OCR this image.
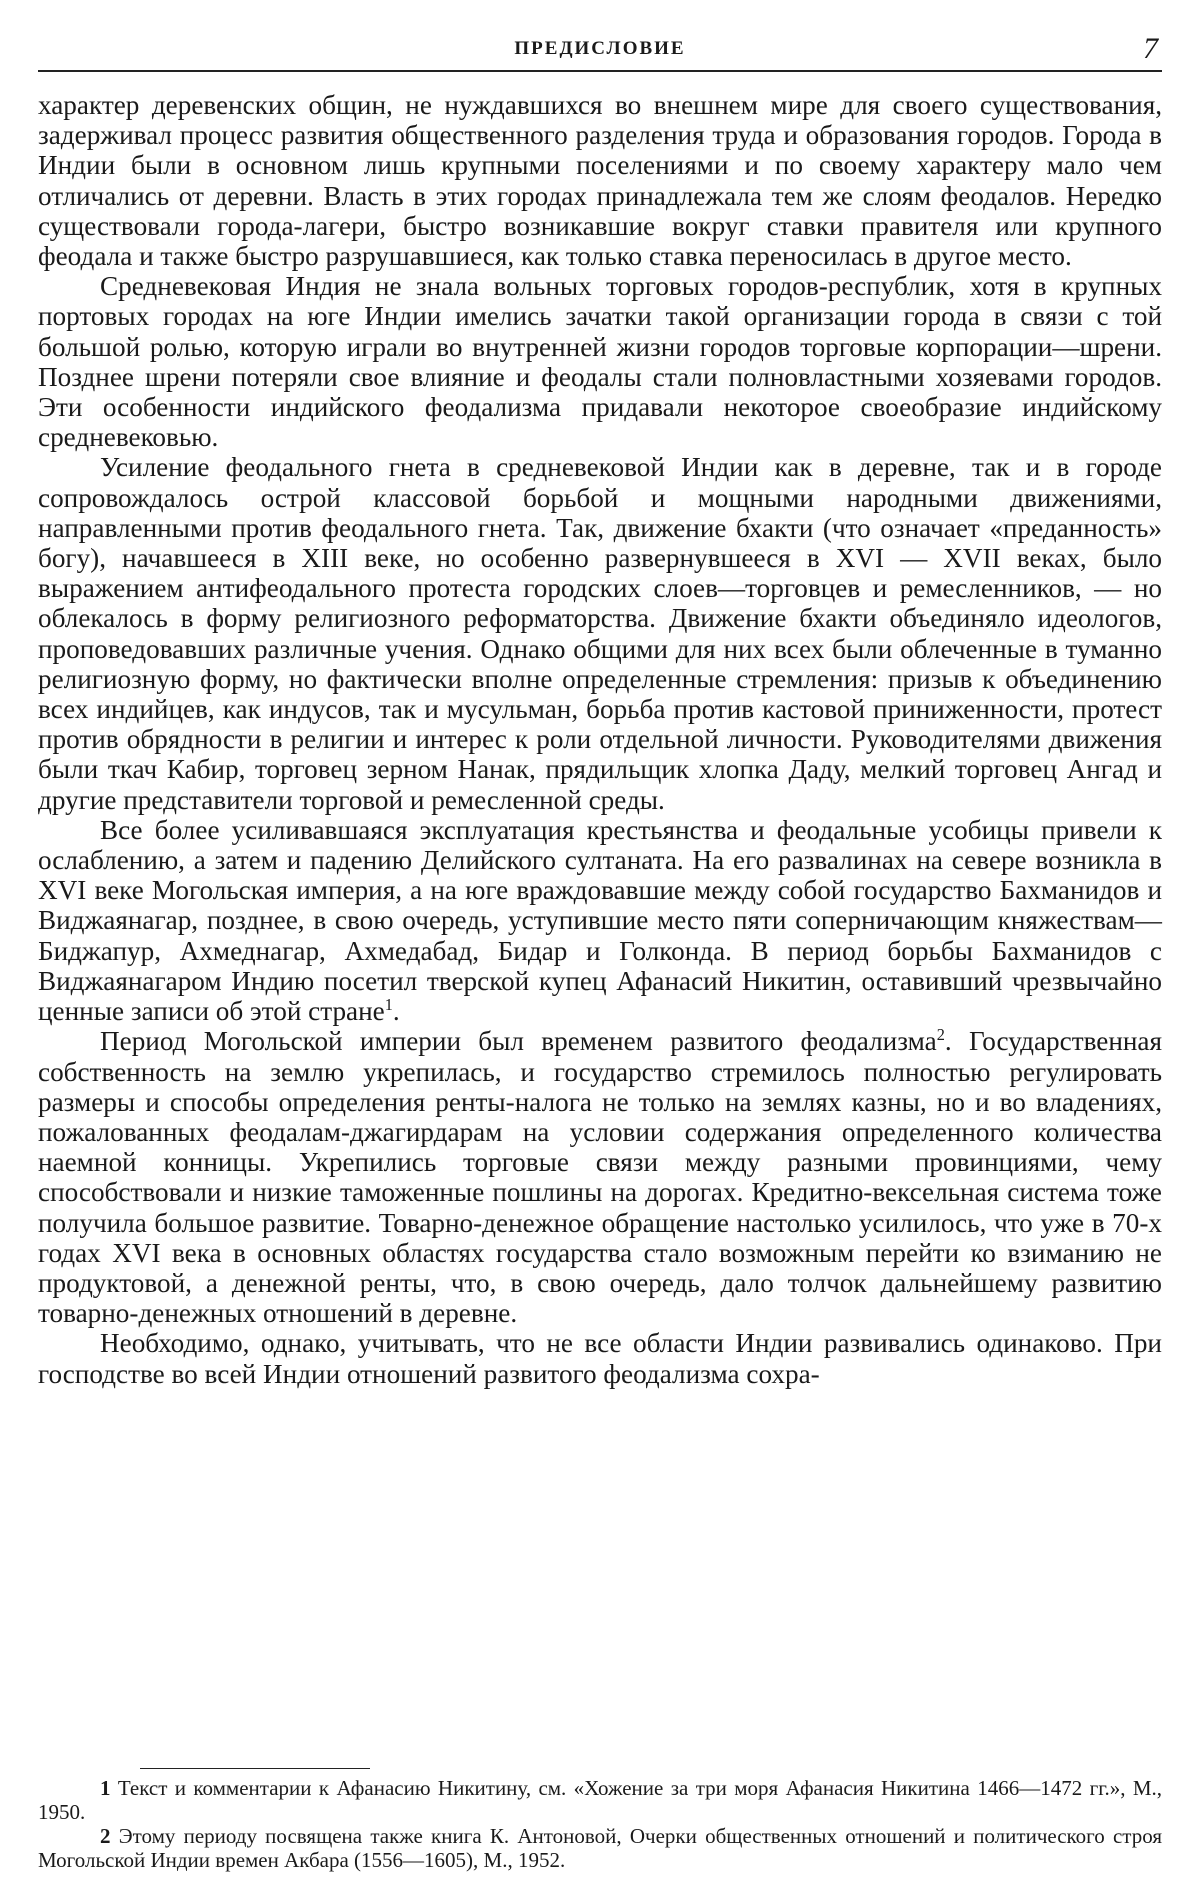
ПРЕДИСЛОВИЕ	7

характер деревенских общин, не нуждавшихся во внешнем мире для своего существования, задерживал процесс развития общественного разделения труда и образования городов. Города в Индии были в основном лишь крупными поселениями и по своему характеру мало чем отличались от деревни. Власть в этих городах принадлежала тем же слоям феодалов. Нередко существовали города-лагери, быстро возникавшие вокруг ставки правителя или крупного феодала и также быстро разрушавшиеся, как только ставка переносилась в другое место.

Средневековая Индия не знала вольных торговых городов-республик, хотя в крупных портовых городах на юге Индии имелись зачатки такой организации города в связи с той большой ролью, которую играли во внутренней жизни городов торговые корпорации—шрени. Позднее шрени потеряли свое влияние и феодалы стали полновластными хозяевами городов. Эти особенности индийского феодализма придавали некоторое своеобразие индийскому средневековью.

Усиление феодального гнета в средневековой Индии как в деревне, так и в городе сопровождалось острой классовой борьбой и мощными народными движениями, направленными против феодального гнета. Так, движение бхакти (что означает «преданность» богу), начавшееся в XIII веке, но особенно развернувшееся в XVI — XVII веках, было выражением антифеодального протеста городских слоев—торговцев и ремесленников, — но облекалось в форму религиозного реформаторства. Движение бхакти объединяло идеологов, проповедовавших различные учения. Однако общими для них всех были облеченные в туманно религиозную форму, но фактически вполне определенные стремления: призыв к объединению всех индийцев, как индусов, так и мусульман, борьба против кастовой приниженности, протест против обрядности в религии и интерес к роли отдельной личности. Руководителями движения были ткач Кабир, торговец зерном Нанак, прядильщик хлопка Даду, мелкий торговец Ангад и другие представители торговой и ремесленной среды.

Все более усиливавшаяся эксплуатация крестьянства и феодальные усобицы привели к ослаблению, а затем и падению Делийского султаната. На его развалинах на севере возникла в XVI веке Могольская империя, а на юге враждовавшие между собой государство Бахманидов и Виджаянагар, позднее, в свою очередь, уступившие место пяти соперничающим княжествам—Биджапур, Ахмеднагар, Ахмедабад, Бидар и Голконда. В период борьбы Бахманидов с Виджаянагаром Индию посетил тверской купец Афанасий Никитин, оставивший чрезвычайно ценные записи об этой стране$^1$.

Период Могольской империи был временем развитого феодализма$^2$. Государственная собственность на землю укрепилась, и государство стремилось полностью регулировать размеры и способы определения ренты-налога не только на землях казны, но и во владениях, пожалованных феодалам-джагирдарам на условии содержания определенного количества наемной конницы. Укрепились торговые связи между разными провинциями, чему способствовали и низкие таможенные пошлины на дорогах. Кредитно-вексельная система тоже получила большое развитие. Товарно-денежное обращение настолько усилилось, что уже в 70-х годах XVI века в основных областях государства стало возможным перейти ко взиманию не продуктовой, а денежной ренты, что, в свою очередь, дало толчок дальнейшему развитию товарно-денежных отношений в деревне.

Необходимо, однако, учитывать, что не все области Индии развивались одинаково. При господстве во всей Индии отношений развитого феодализма сохра-

1 Текст и комментарии к Афанасию Никитину, см. «Хожение за три моря Афанасия Никитина 1466—1472 гг.», М., 1950.

2 Этому периоду посвящена также книга К. Антоновой, Очерки общественных отношений и политического строя Могольской Индии времен Акбара (1556—1605), М., 1952.
